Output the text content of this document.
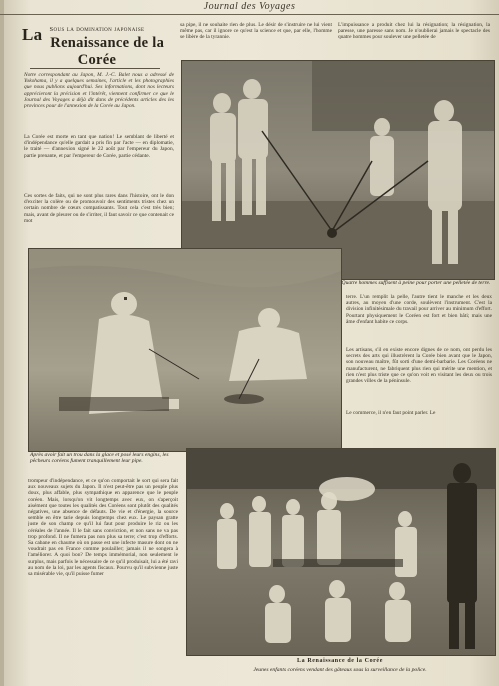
Journal des Voyages
Sous la domination japonaise
La Renaissance de la Corée
Notre correspondant au Japon, M. J.-C. Balet nous a adressé de Yokohama, il y a quelques semaines, l'article et les photographies que nous publions aujourd'hui. Ses informations, dont nos lecteurs apprécieront la précision et l'intérêt, viennent confirmer ce que le Journal des Voyages a déjà dit dans de précédents articles des les provinces pour de l'annexion de la Corée au Japon.
La Corée est morte en tant que nation! Le semblant de liberté et d'indépendance qu'elle gardait a pris fin par l'acte — en diplomatie, le traité — d'annexion signé le 22 août par l'empereur du Japon, partie prenante, et par l'empereur de Corée, partie cédante.
Ces sortes de faits, qui ne sont plus rares dans l'histoire, ont le don d'exciter la colère ou de promouvoir des sentiments tristes chez un certain nombre de cœurs compatissants. Tout cela c'est très bien; mais, avant de pleurer ou de s'irriter, il faut savoir ce que contenait ce mot
sa pipe, il ne souhaite rien de plus. Le désir de s'instruire ne lui vient même pas, car il ignore ce qu'est la science et que, par elle, l'homme se libère de la tyrannie.
L'impuissance a produit chez lui la résignation; la résignation, la paresse, une paresse sans nom. Je n'oublierai jamais le spectacle des quatre hommes pour soulever une pelletée de
Quatre hommes suffisent à peine pour porter une pelletée de terre.
Après avoir fait un trou dans la glace et posé leurs engins, les pêcheurs coréens fument tranquillement leur pipe.
terre. L'un remplit la pelle, l'autre tient le manche et les deux autres, au moyen d'une corde, soulèvent l'instrument. C'est la division infinitésimale du travail pour arriver au minimum d'effort. Pourtant physiquement le Coréen est fort et bien bâti; mais une âme d'enfant habite ce corps.
Les artisans, s'il en existe encore dignes de ce nom, ont perdu les secrets des arts qui illustrèrent la Corée bien avant que le Japon, son nouveau maître, fût sorti d'une demi-barbarie. Les Coréens ne manufacturent, ne fabriquent plus rien qui mérite une mention, et rien n'est plus triste que ce qu'on voit en visitant les deux ou trois grandes villes de la péninsule.
Le commerce, il n'en faut point parler. Le
trompeur d'indépendance, et ce qu'on comportait le sort qui sera fait aux nouveaux sujets du Japon. Il n'est peut-être pas un peuple plus doux, plus affable, plus sympathique en apparence que le peuple coréen. Mais, lorsqu'on vit longtemps avec eux, on s'aperçoit aisément que toutes les qualités des Coréens sont plutôt des qualités négatives, une absence de défauts. De vie et d'énergie, la source semble en être tarie depuis longtemps chez eux. Le paysan gratte juste de son champ ce qu'il lui faut pour produire le riz ou les céréales de l'année. Il le fait sans conviction, et non sans ne va pas trop profond. Il ne fumera pas non plus sa terre; c'est trop d'efforts. Sa cabane en chaume où on passe est une infecte masure dont on ne voudrait pas en France comme poulailler; jamais il ne songera à l'améliorer. A quoi bon? De temps immémorial, non seulement le surplus, mais parfois le nécessaire de ce qu'il produisait, lui a été ravi au nom de la loi, par les agents fiscaux. Pourvu qu'il subvienne juste sa misérable vie, qu'il puisse fumer
La Renaissance de la Corée
Jeunes enfants coréens vendant des gâteaux sous la surveillance de la police.
